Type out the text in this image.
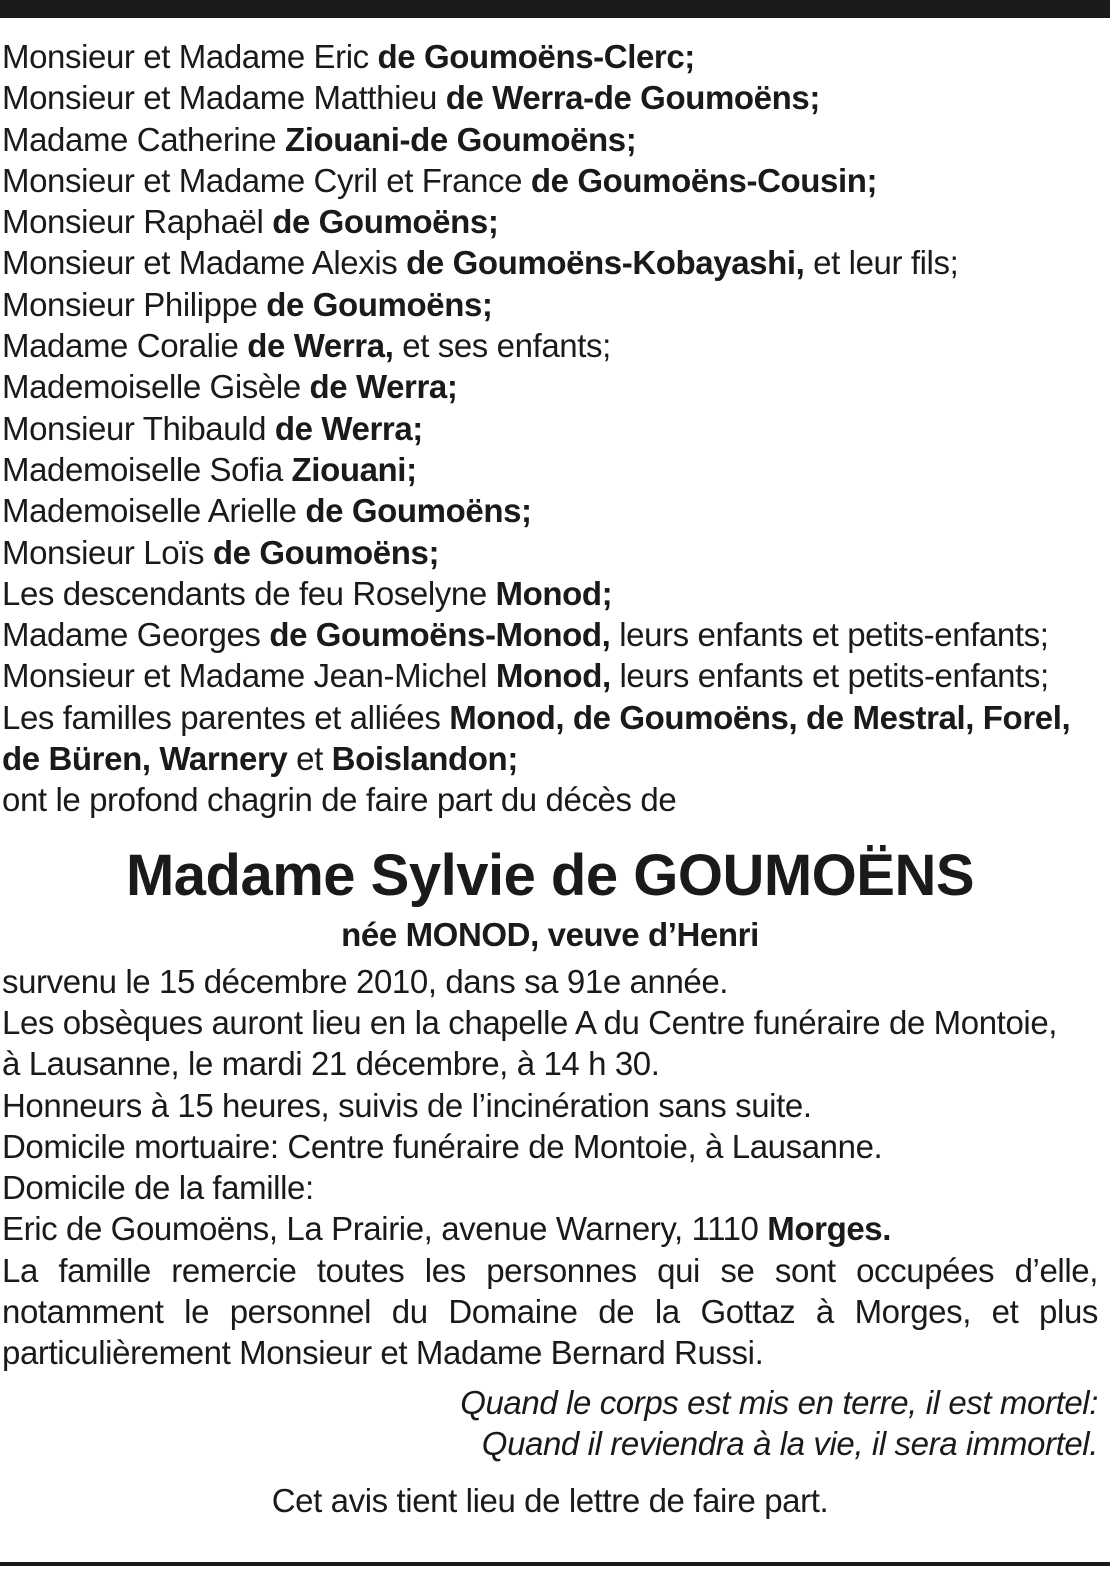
Monsieur et Madame Eric de Goumoëns-Clerc;
Monsieur et Madame Matthieu de Werra-de Goumoëns;
Madame Catherine Ziouani-de Goumoëns;
Monsieur et Madame Cyril et France de Goumoëns-Cousin;
Monsieur Raphaël de Goumoëns;
Monsieur et Madame Alexis de Goumoëns-Kobayashi, et leur fils;
Monsieur Philippe de Goumoëns;
Madame Coralie de Werra, et ses enfants;
Mademoiselle Gisèle de Werra;
Monsieur Thibauld de Werra;
Mademoiselle Sofia Ziouani;
Mademoiselle Arielle de Goumoëns;
Monsieur Loïs de Goumoëns;
Les descendants de feu Roselyne Monod;
Madame Georges de Goumoëns-Monod, leurs enfants et petits-enfants;
Monsieur et Madame Jean-Michel Monod, leurs enfants et petits-enfants;
Les familles parentes et alliées Monod, de Goumoëns, de Mestral, Forel,
de Büren, Warnery et Boislandon;
ont le profond chagrin de faire part du décès de
Madame Sylvie de GOUMOËNS
née MONOD, veuve d’Henri
survenu le 15 décembre 2010, dans sa 91e année.
Les obsèques auront lieu en la chapelle A du Centre funéraire de Montoie,
à Lausanne, le mardi 21 décembre, à 14 h 30.
Honneurs à 15 heures, suivis de l’incinération sans suite.
Domicile mortuaire: Centre funéraire de Montoie, à Lausanne.
Domicile de la famille:
Eric de Goumoëns, La Prairie, avenue Warnery, 1110 Morges.
La famille remercie toutes les personnes qui se sont occupées d’elle, notamment le personnel du Domaine de la Gottaz à Morges, et plus particulièrement Monsieur et Madame Bernard Russi.
Quand le corps est mis en terre, il est mortel:
Quand il reviendra à la vie, il sera immortel.
Cet avis tient lieu de lettre de faire part.
